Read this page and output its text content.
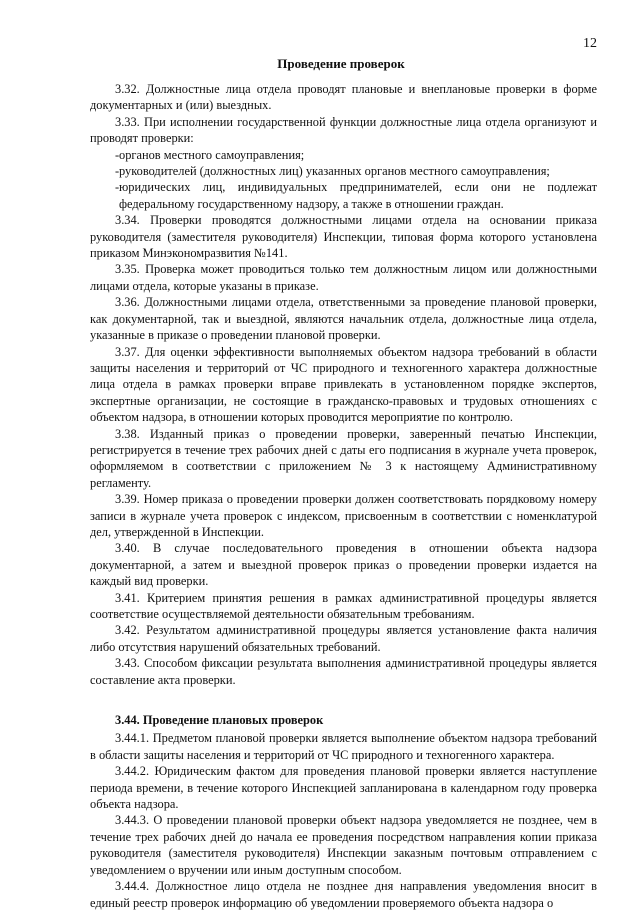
12
Проведение проверок

3.32. Должностные лица отдела проводят плановые и внеплановые проверки в форме документарных и (или) выездных.

3.33. При исполнении государственной функции должностные лица отдела организуют и проводят проверки:

- органов местного самоуправления;
- руководителей (должностных лиц) указанных органов местного самоуправления;
- юридических лиц, индивидуальных предпринимателей, если они не подлежат федеральному государственному надзору, а также в отношении граждан.

3.34. Проверки проводятся должностными лицами отдела на основании приказа руководителя (заместителя руководителя) Инспекции, типовая форма которого установлена приказом Минэкономразвития №141.

3.35. Проверка может проводиться только тем должностным лицом или должностными лицами отдела, которые указаны в приказе.

3.36. Должностными лицами отдела, ответственными за проведение плановой проверки, как документарной, так и выездной, являются начальник отдела, должностные лица отдела, указанные в приказе о проведении плановой проверки.

3.37. Для оценки эффективности выполняемых объектом надзора требований в области защиты населения и территорий от ЧС природного и техногенного характера должностные лица отдела в рамках проверки вправе привлекать в установленном порядке экспертов, экспертные организации, не состоящие в гражданско-правовых и трудовых отношениях с объектом надзора, в отношении которых проводится мероприятие по контролю.

3.38. Изданный приказ о проведении проверки, заверенный печатью Инспекции, регистрируется в течение трех рабочих дней с даты его подписания в журнале учета проверок, оформляемом в соответствии с приложением № 3 к настоящему Административному регламенту.

3.39. Номер приказа о проведении проверки должен соответствовать порядковому номеру записи в журнале учета проверок с индексом, присвоенным в соответствии с номенклатурой дел, утвержденной в Инспекции.

3.40. В случае последовательного проведения в отношении объекта надзора документарной, а затем и выездной проверок приказ о проведении проверки издается на каждый вид проверки.

3.41. Критерием принятия решения в рамках административной процедуры является соответствие осуществляемой деятельности обязательным требованиям.

3.42. Результатом административной процедуры является установление факта наличия либо отсутствия нарушений обязательных требований.

3.43. Способом фиксации результата выполнения административной процедуры является составление акта проверки.

3.44. Проведение плановых проверок

3.44.1. Предметом плановой проверки является выполнение объектом надзора требований в области защиты населения и территорий от ЧС природного и техногенного характера.

3.44.2. Юридическим фактом для проведения плановой проверки является наступление периода времени, в течение которого Инспекцией запланирована в календарном году проверка объекта надзора.

3.44.3. О проведении плановой проверки объект надзора уведомляется не позднее, чем в течение трех рабочих дней до начала ее проведения посредством направления копии приказа руководителя (заместителя руководителя) Инспекции заказным почтовым отправлением с уведомлением о вручении или иным доступным способом.

3.44.4. Должностное лицо отдела не позднее дня направления уведомления вносит в единый реестр проверок информацию об уведомлении проверяемого объекта надзора о
